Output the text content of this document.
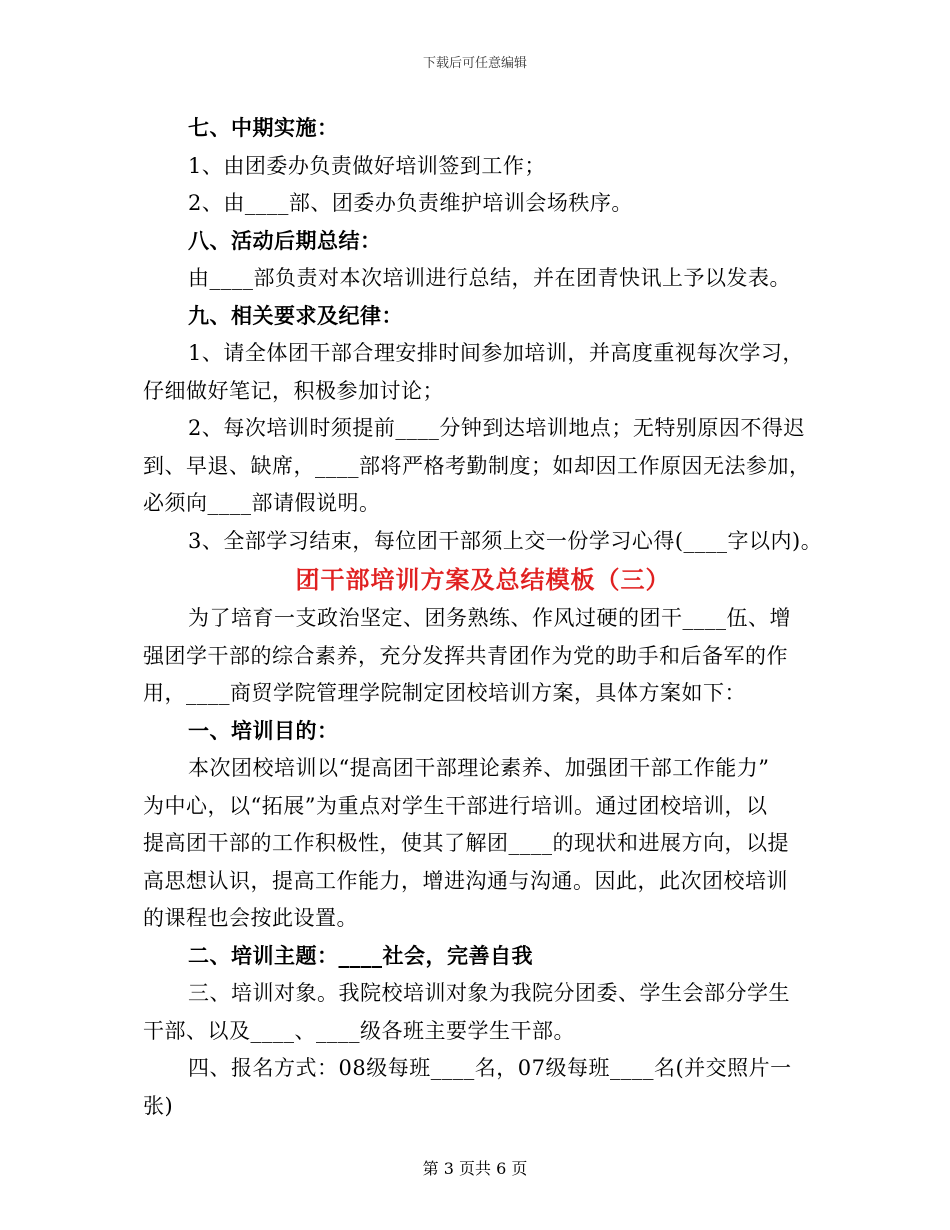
下载后可任意编辑
七、中期实施：
1、由团委办负责做好培训签到工作；
2、由____部、团委办负责维护培训会场秩序。
八、活动后期总结：
由____部负责对本次培训进行总结，并在团青快讯上予以发表。
九、相关要求及纪律：
1、请全体团干部合理安排时间参加培训，并高度重视每次学习，
仔细做好笔记，积极参加讨论；
2、每次培训时须提前____分钟到达培训地点；无特别原因不得迟
到、早退、缺席，____部将严格考勤制度；如却因工作原因无法参加，
必须向____部请假说明。
3、全部学习结束，每位团干部须上交一份学习心得(____字以内)。
团干部培训方案及总结模板（三）
为了培育一支政治坚定、团务熟练、作风过硬的团干____伍、增
强团学干部的综合素养，充分发挥共青团作为党的助手和后备军的作
用，____商贸学院管理学院制定团校培训方案，具体方案如下：
一、培训目的：
本次团校培训以“提高团干部理论素养、加强团干部工作能力”
为中心，以“拓展”为重点对学生干部进行培训。通过团校培训，以
提高团干部的工作积极性，使其了解团____的现状和进展方向，以提
高思想认识，提高工作能力，增进沟通与沟通。因此，此次团校培训
的课程也会按此设置。
二、培训主题：____社会，完善自我
三、培训对象。我院校培训对象为我院分团委、学生会部分学生
干部、以及____、____级各班主要学生干部。
四、报名方式：08级每班____名，07级每班____名(并交照片一
张)
第 3 页共 6 页
